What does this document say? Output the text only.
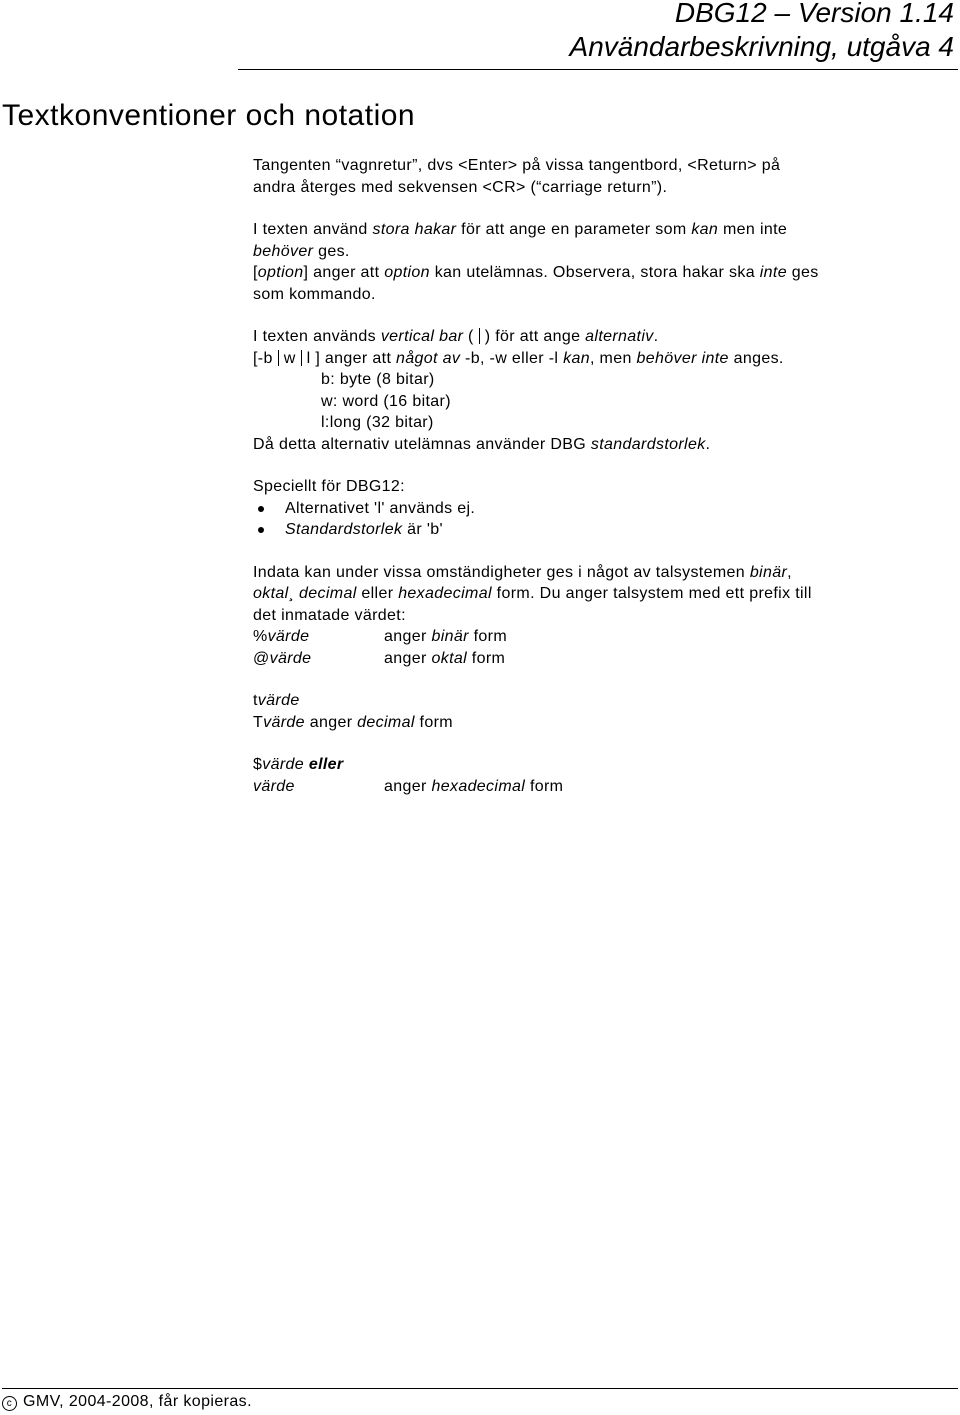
DBG12 – Version 1.14
Användarbeskrivning, utgåva 4
Textkonventioner och notation

Tangenten “vagnretur”, dvs <Enter> på vissa tangentbord, <Return> på

andra återges med sekvensen <CR> (“carriage return”).

I texten använd stora hakar för att ange en parameter som kan men inte

behöver ges.

[option] anger att option kan utelämnas. Observera, stora hakar ska inte ges

som kommando.

I texten används vertical bar ( ) för att ange alternativ.

[-b w l ] anger att något av -b, -w eller -l kan, men behöver inte anges.

b: byte (8 bitar)

w: word (16 bitar)

l:long (32 bitar)

Då detta alternativ utelämnas använder DBG standardstorlek.

Speciellt för DBG12:

Alternativet 'l' används ej.

Standardstorlek är 'b'

Indata kan under vissa omständigheter ges i något av talsystemen binär,

oktal¸ decimal eller hexadecimal form. Du anger talsystem med ett prefix till

det inmatade värdet:

%värde	anger binär form

@värde	anger oktal form

tvärde

Tvärde anger decimal form

$värde eller

värde	anger hexadecimal form

c GMV, 2004-2008, får kopieras.
